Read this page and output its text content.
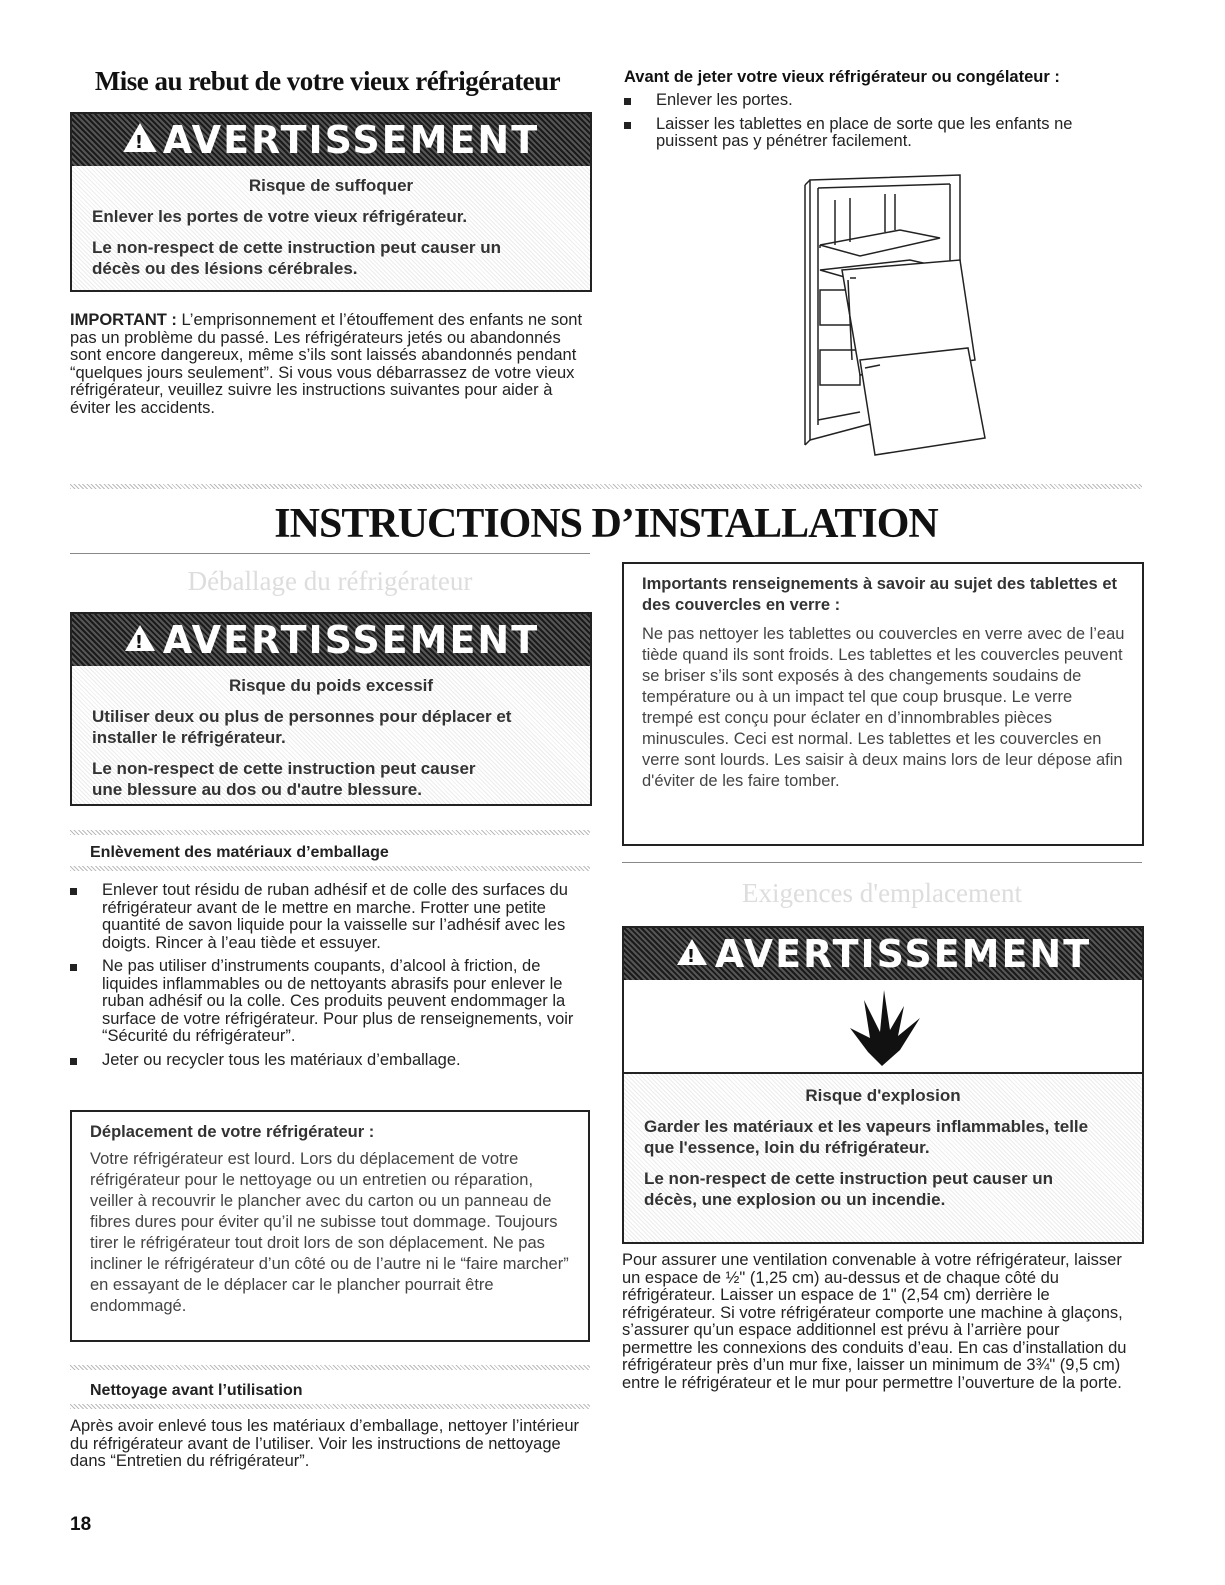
Mise au rebut de votre vieux réfrigérateur
! AVERTISSEMENT
Risque de suffoquer
Enlever les portes de votre vieux réfrigérateur.
Le non-respect de cette instruction peut causer un décès ou des lésions cérébrales.
IMPORTANT : L’emprisonnement et l’étouffement des enfants ne sont pas un problème du passé. Les réfrigérateurs jetés ou abandonnés sont encore dangereux, même s’ils sont laissés abandonnés pendant “quelques jours seulement”. Si vous vous débarrassez de votre vieux réfrigérateur, veuillez suivre les instructions suivantes pour aider à éviter les accidents.
Avant de jeter votre vieux réfrigérateur ou congélateur :
Enlever les portes.
Laisser les tablettes en place de sorte que les enfants ne puissent pas y pénétrer facilement.
INSTRUCTIONS D’INSTALLATION
Déballage du réfrigérateur
! AVERTISSEMENT
Risque du poids excessif
Utiliser deux ou plus de personnes pour déplacer et installer le réfrigérateur.
Le non-respect de cette instruction peut causer une blessure au dos ou d'autre blessure.
Enlèvement des matériaux d’emballage
Enlever tout résidu de ruban adhésif et de colle des surfaces du réfrigérateur avant de le mettre en marche. Frotter une petite quantité de savon liquide pour la vaisselle sur l’adhésif avec les doigts. Rincer à l’eau tiède et essuyer.
Ne pas utiliser d’instruments coupants, d’alcool à friction, de liquides inflammables ou de nettoyants abrasifs pour enlever le ruban adhésif ou la colle. Ces produits peuvent endommager la surface de votre réfrigérateur. Pour plus de renseignements, voir “Sécurité du réfrigérateur”.
Jeter ou recycler tous les matériaux d’emballage.
Déplacement de votre réfrigérateur :
Votre réfrigérateur est lourd. Lors du déplacement de votre réfrigérateur pour le nettoyage ou un entretien ou réparation, veiller à recouvrir le plancher avec du carton ou un panneau de fibres dures pour éviter qu’il ne subisse tout dommage. Toujours tirer le réfrigérateur tout droit lors de son déplacement. Ne pas incliner le réfrigérateur d’un côté ou de l’autre ni le “faire marcher” en essayant de le déplacer car le plancher pourrait être endommagé.
Nettoyage avant l’utilisation
Après avoir enlevé tous les matériaux d’emballage, nettoyer l’intérieur du réfrigérateur avant de l’utiliser. Voir les instructions de nettoyage dans “Entretien du réfrigérateur”.
Importants renseignements à savoir au sujet des tablettes et des couvercles en verre :
Ne pas nettoyer les tablettes ou couvercles en verre avec de l’eau tiède quand ils sont froids. Les tablettes et les couvercles peuvent se briser s’ils sont exposés à des changements soudains de température ou à un impact tel que coup brusque. Le verre trempé est conçu pour éclater en d’innombrables pièces minuscules. Ceci est normal. Les tablettes et les couvercles en verre sont lourds. Les saisir à deux mains lors de leur dépose afin d'éviter de les faire tomber.
Exigences d'emplacement
! AVERTISSEMENT
Risque d'explosion
Garder les matériaux et les vapeurs inflammables, telle que l'essence, loin du réfrigérateur.
Le non-respect de cette instruction peut causer un décès, une explosion ou un incendie.
Pour assurer une ventilation convenable à votre réfrigérateur, laisser un espace de ½" (1,25 cm) au-dessus et de chaque côté du réfrigérateur. Laisser un espace de 1" (2,54 cm) derrière le réfrigérateur. Si votre réfrigérateur comporte une machine à glaçons, s’assurer qu’un espace additionnel est prévu à l’arrière pour permettre les connexions des conduits d’eau. En cas d’installation du réfrigérateur près d’un mur fixe, laisser un minimum de 3¾" (9,5 cm) entre le réfrigérateur et le mur pour permettre l’ouverture de la porte.
18
